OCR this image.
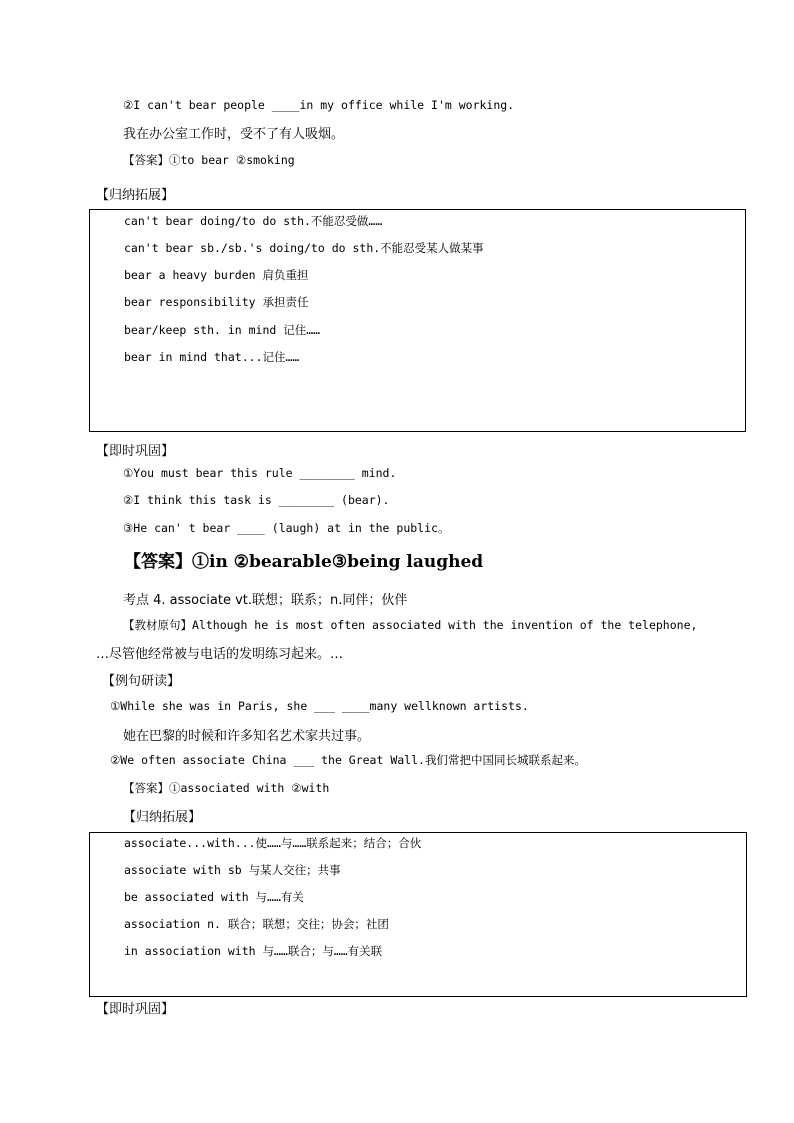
②I can't bear people ____in my office while I'm working.
我在办公室工作时，受不了有人吸烟。
【答案】①to bear ②smoking
【归纳拓展】
can't bear doing/to do sth.不能忍受做……
can't bear sb./sb.'s doing/to do sth.不能忍受某人做某事
bear a heavy burden 肩负重担
bear responsibility 承担责任
bear/keep sth. in mind 记住……
bear in mind that...记住……
【即时巩固】
①You must bear this rule ________ mind.
②I think this task is ________ (bear).
③He can' t bear ____ (laugh) at in the public。
【答案】①in ②bearable③being laughed
考点 4. associate vt.联想；联系；n.同伴；伙伴
【教材原句】Although he is most often associated with the invention of the telephone,
…尽管他经常被与电话的发明练习起来。…
【例句研读】
①While she was in Paris, she ___ ____many wellknown artists.
她在巴黎的时候和许多知名艺术家共过事。
②We often associate China ___ the Great Wall.我们常把中国同长城联系起来。
【答案】①associated with ②with
【归纳拓展】
associate...with...使……与……联系起来；结合；合伙
associate with sb 与某人交往；共事
be associated with 与……有关
association n. 联合；联想；交往；协会；社团
in association with 与……联合；与……有关联
【即时巩固】
